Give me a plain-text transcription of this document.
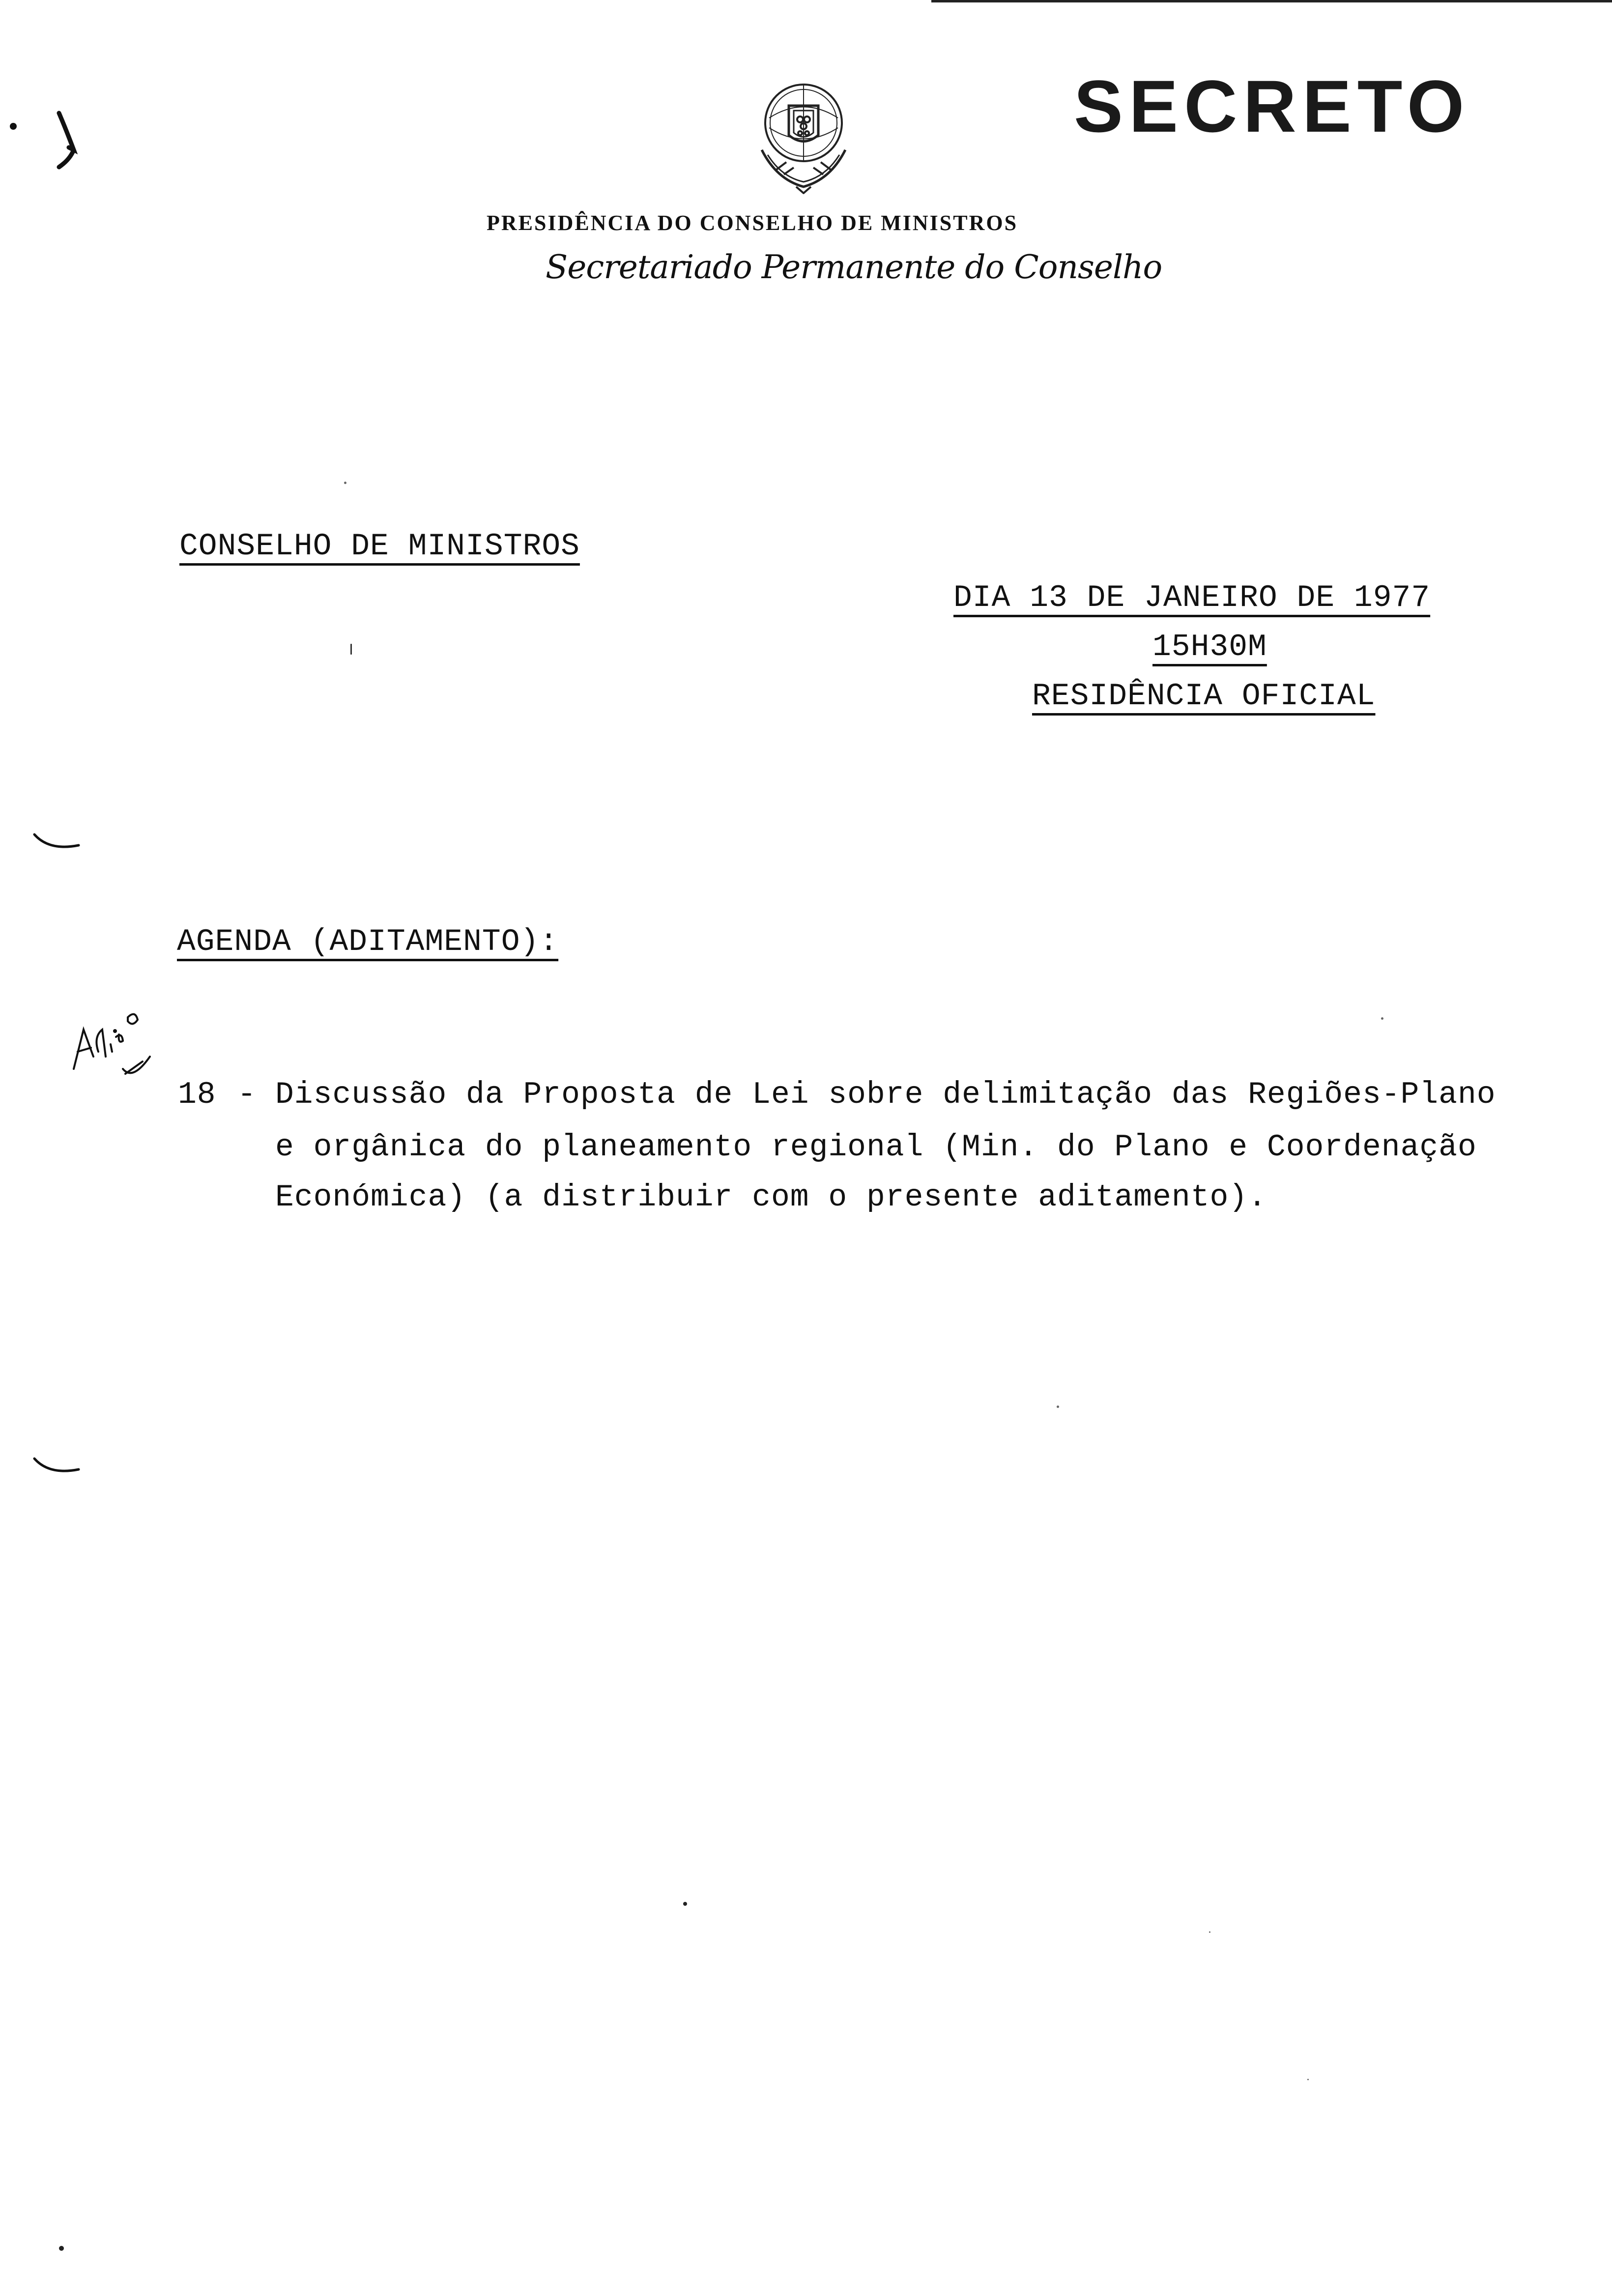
SECRETO
PRESIDÊNCIA DO CONSELHO DE MINISTROS
Secretariado Permanente do Conselho
CONSELHO DE MINISTROS
DIA 13 DE JANEIRO DE 1977
15H30M
RESIDÊNCIA OFICIAL
AGENDA (ADITAMENTO):
18 - Discussão da Proposta de Lei sobre delimitação das Regiões-Plano
e orgânica do planeamento regional (Min. do Plano e Coordenação
Económica) (a distribuir com o presente aditamento).
